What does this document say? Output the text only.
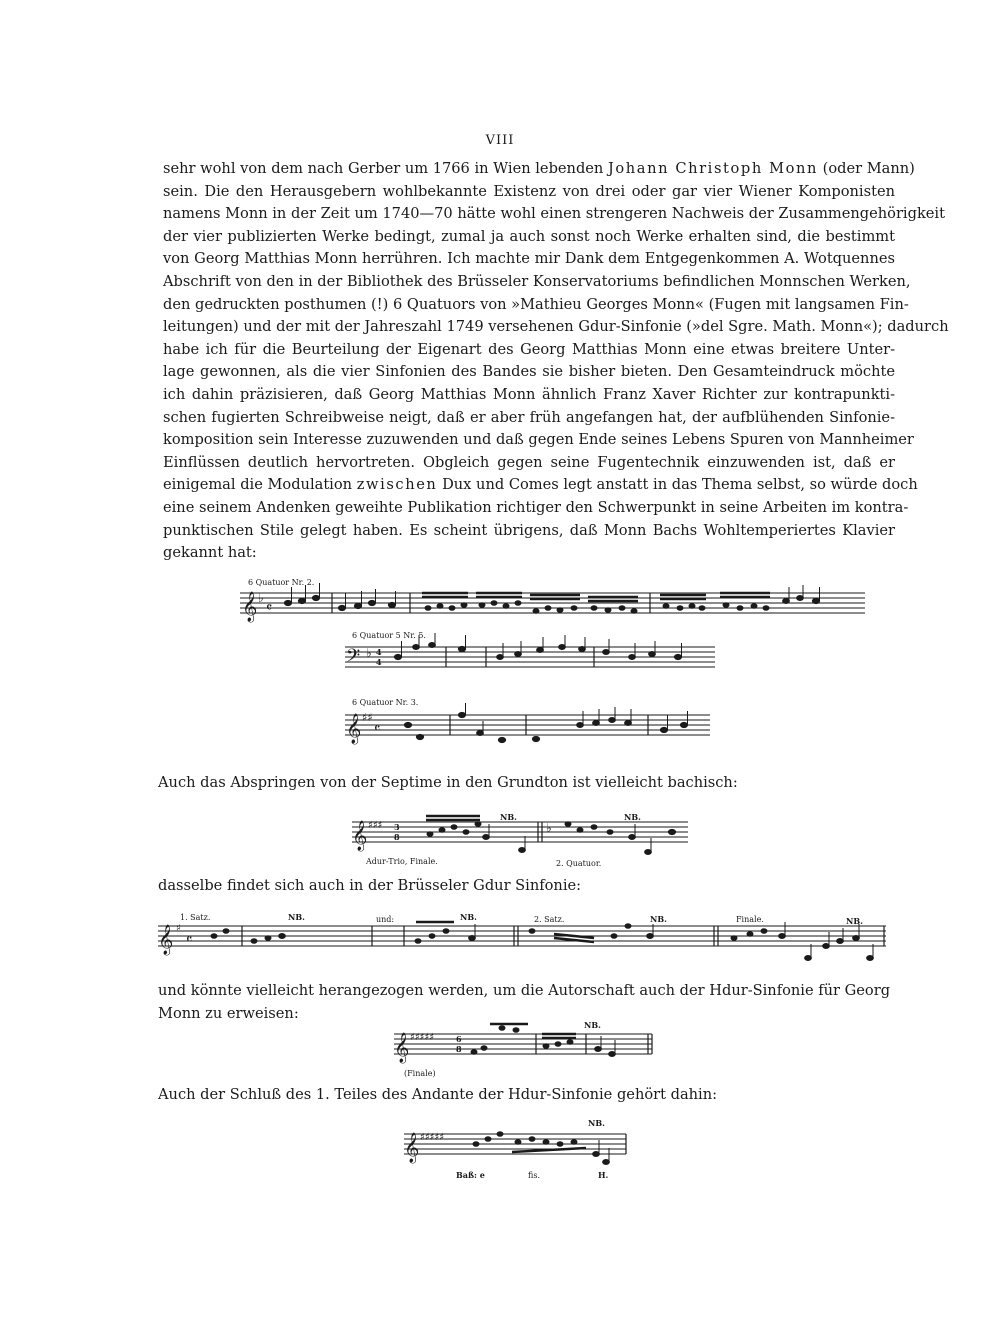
VIII
sehr wohl von dem nach Gerber um 1766 in Wien lebenden Johann Christoph Monn (oder Mann)
sein. Die den Herausgebern wohlbekannte Existenz von drei oder gar vier Wiener Komponisten
namens Monn in der Zeit um 1740—70 hätte wohl einen strengeren Nachweis der Zusammengehörigkeit
der vier publizierten Werke bedingt, zumal ja auch sonst noch Werke erhalten sind, die bestimmt
von Georg Matthias Monn herrühren. Ich machte mir Dank dem Entgegenkommen A. Wotquennes
Abschrift von den in der Bibliothek des Brüsseler Konservatoriums befindlichen Monnschen Werken,
den gedruckten posthumen (!) 6 Quatuors von »Mathieu Georges Monn« (Fugen mit langsamen Fin-
leitungen) und der mit der Jahreszahl 1749 versehenen Gdur-Sinfonie (»del Sgre. Math. Monn«); dadurch
habe ich für die Beurteilung der Eigenart des Georg Matthias Monn eine etwas breitere Unter-
lage gewonnen, als die vier Sinfonien des Bandes sie bisher bieten. Den Gesamteindruck möchte
ich dahin präzisieren, daß Georg Matthias Monn ähnlich Franz Xaver Richter zur kontrapunkti-
schen fugierten Schreibweise neigt, daß er aber früh angefangen hat, der aufblühenden Sinfonie-
komposition sein Interesse zuzuwenden und daß gegen Ende seines Lebens Spuren von Mannheimer
Einflüssen deutlich hervortreten. Obgleich gegen seine Fugentechnik einzuwenden ist, daß er
einigemal die Modulation zwischen Dux und Comes legt anstatt in das Thema selbst, so würde doch
eine seinem Andenken geweihte Publikation richtiger den Schwerpunkt in seine Arbeiten im kontra-
punktischen Stile gelegt haben. Es scheint übrigens, daß Monn Bachs Wohltemperiertes Klavier
gekannt hat:
6 Quatuor Nr. 2.
𝄞 ♭
𝄴
6 Quatuor 5 Nr. 5.
𝄢 ♭ 4
4
6 Quatuor Nr. 3.
𝄞 ♯♯
𝄴
Auch das Abspringen von der Septime in den Grundton ist vielleicht bachisch:
𝄞 ♯♯♯ 3
8
NB.
♭
NB.
Adur-Trio, Finale.	2. Quatuor.
dasselbe findet sich auch in der Brüsseler Gdur Sinfonie:
𝄞 ♯
𝄴
1. Satz.	NB.	und:	NB.	2. Satz.	NB.	Finale.	NB.
und könnte vielleicht herangezogen werden, um die Autorschaft auch der Hdur-Sinfonie für Georg
Monn zu erweisen:
𝄞 ♯♯♯♯♯	6
8
NB.
(Finale)
Auch der Schluß des 1. Teiles des Andante der Hdur-Sinfonie gehört dahin:
𝄞 ♯♯♯♯♯
NB.
Baß: e	fis.	H.
